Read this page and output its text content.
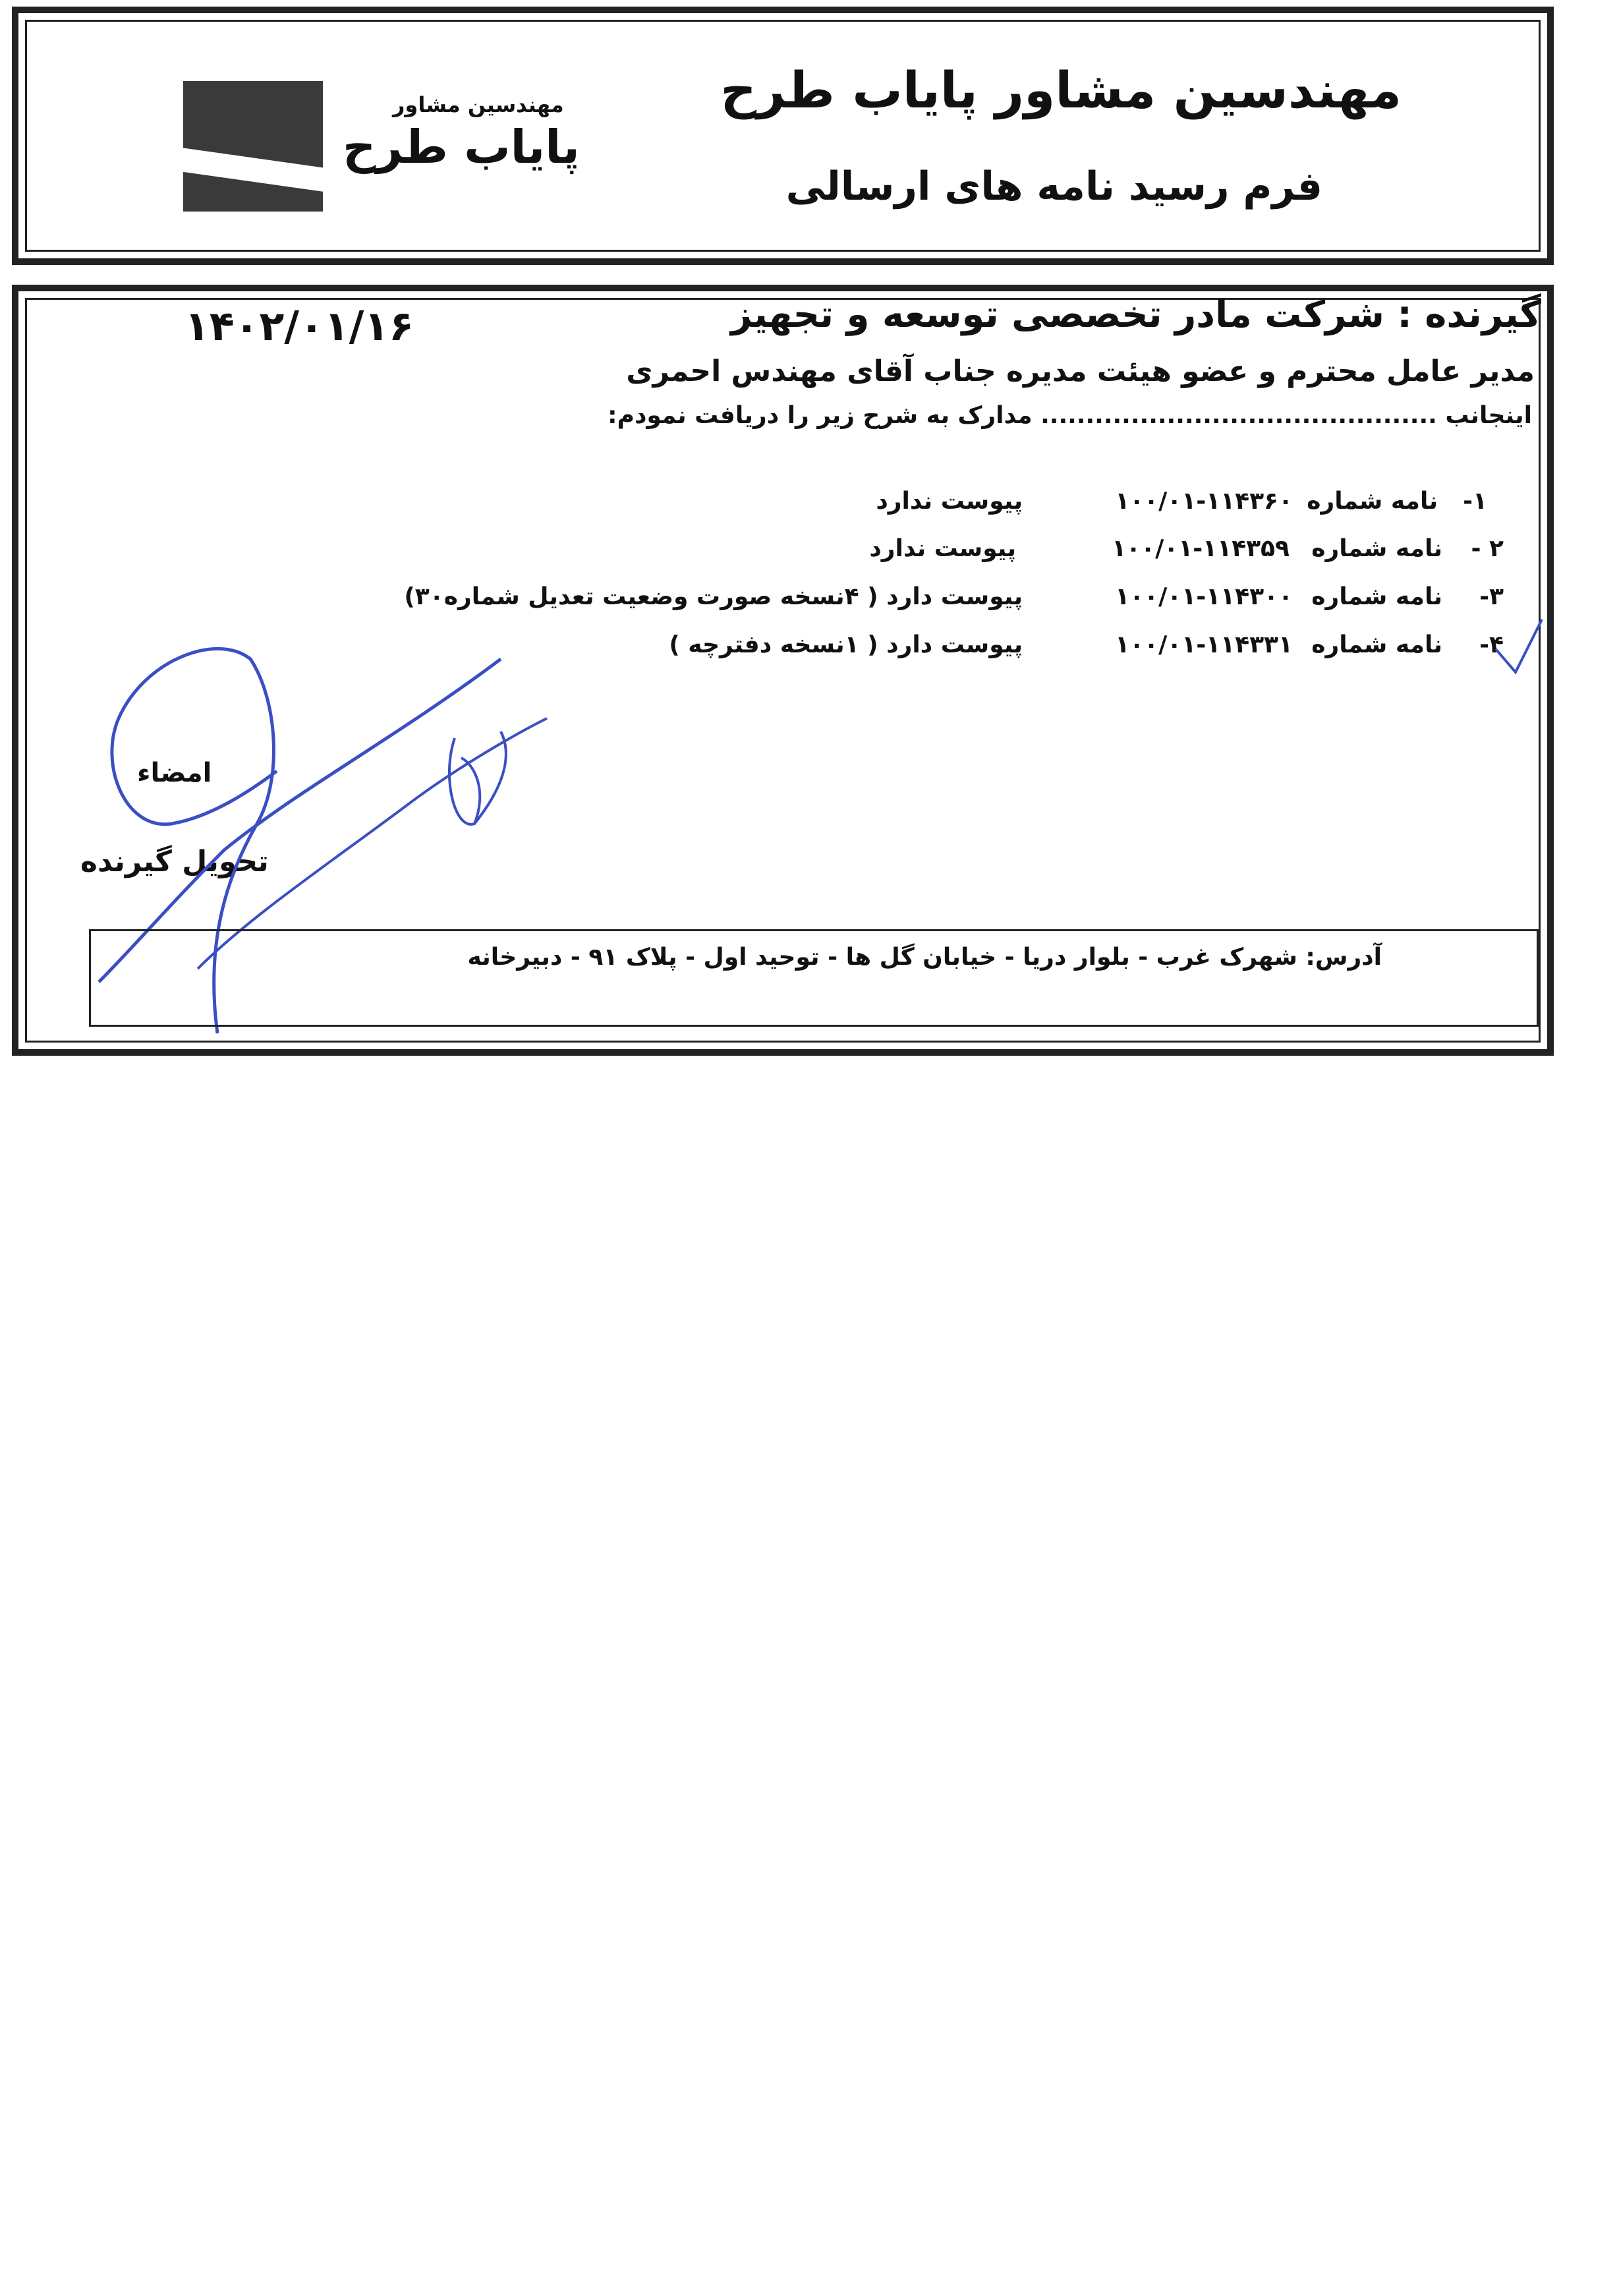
مهندسین مشاور
پایاب طرح
مهندسین مشاور پایاب طرح
فرم رسید نامه های ارسالی
گیرنده : شرکت مادر تخصصی توسعه و تجهیز
۱۴۰۲/۰۱/۱۶
مدیر عامل محترم و عضو هیئت مدیره جناب آقای مهندس احمری
اینجانب ............................................ مدارک به شرح زیر را دریافت نمودم:
۱-
نامه شماره
۱۰۰/۰۱-۱۱۴۳۶۰
پیوست ندارد
۲ -
نامه شماره
۱۰۰/۰۱-۱۱۴۳۵۹
پیوست ندارد
۳-
نامه شماره
۱۰۰/۰۱-۱۱۴۳۰۰
پیوست دارد ( ۴نسخه صورت وضعیت تعدیل شماره۳۰)
۴-
نامه شماره
۱۰۰/۰۱-۱۱۴۳۳۱
پیوست دارد ( ۱نسخه دفترچه )
امضاء
تحویل گیرنده
آدرس: شهرک غرب - بلوار دریا - خیابان گل ها - توحید اول - پلاک ۹۱ - دبیرخانه
